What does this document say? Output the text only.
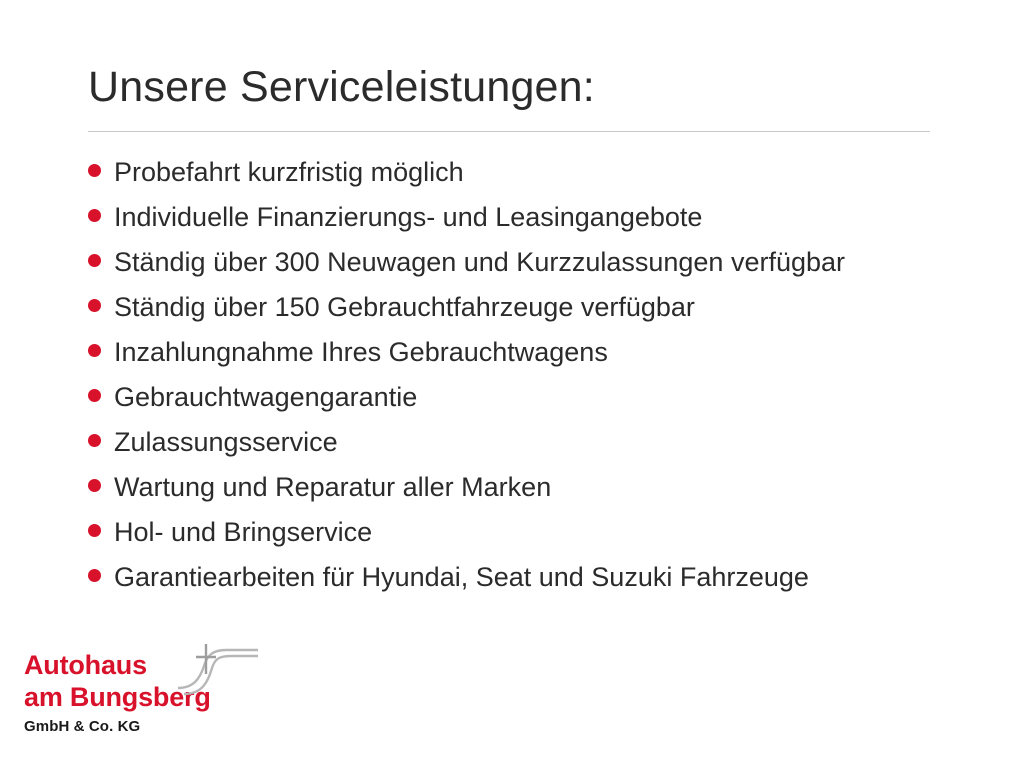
Unsere Serviceleistungen:
Probefahrt kurzfristig möglich
Individuelle Finanzierungs- und Leasingangebote
Ständig über 300 Neuwagen und Kurzzulassungen verfügbar
Ständig über 150 Gebrauchtfahrzeuge verfügbar
Inzahlungnahme Ihres Gebrauchtwagens
Gebrauchtwagengarantie
Zulassungsservice
Wartung und Reparatur aller Marken
Hol- und Bringservice
Garantiearbeiten für Hyundai, Seat und Suzuki Fahrzeuge
Autohaus
am Bungsberg
GmbH & Co. KG
